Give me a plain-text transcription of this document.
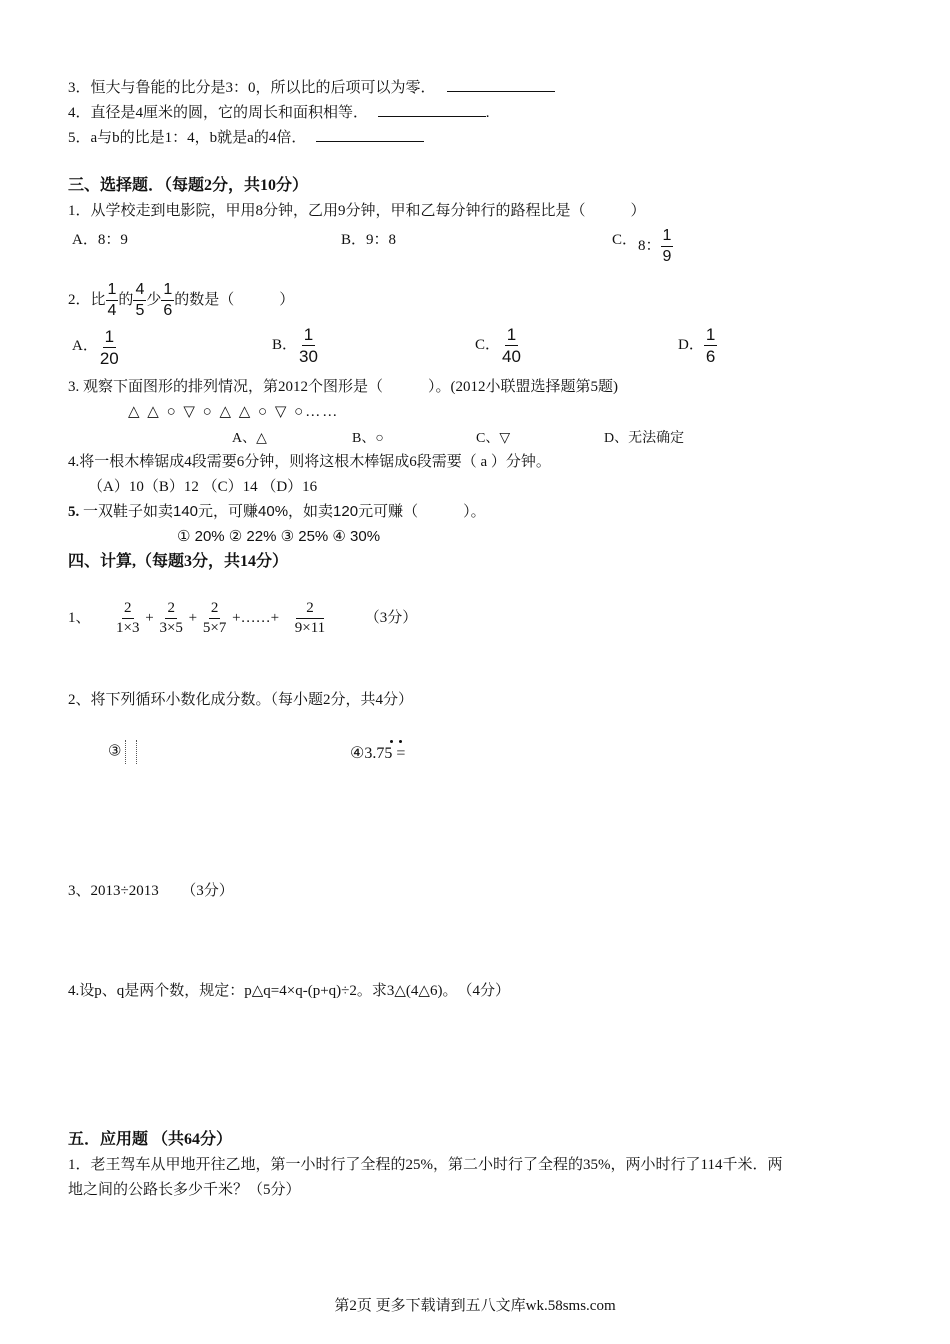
3．恒大与鲁能的比分是3：0，所以比的后项可以为零．
4．直径是4厘米的圆，它的周长和面积相等．	.
5．a与b的比是1：4，b就是a的4倍．
三、选择题．（每题2分，共10分）
1．从学校走到电影院，甲用8分钟，乙用9分钟，甲和乙每分钟行的路程比是（　　　）
A．8：9	B．9：8	C． 8： $\frac{1}{9}$
2．比 $\frac{1}{4}$ 的 $\frac{4}{5}$ 少 $\frac{1}{6}$ 的数是（　　　）
A． $\frac{1}{20}$	B． $\frac{1}{30}$	C． $\frac{1}{40}$	D． $\frac{1}{6}$
3. 观察下面图形的排列情况，第2012个图形是（　　　）。(2012小联盟选择题第5题)
△ △ ○ ▽ ○ △ △ ○ ▽ ○……
A、△	B、○	C、▽	D、无法确定
4.将一根木棒锯成4段需要6分钟，则将这根木棒锯成6段需要（ a ）分钟。
（A）10（B）12 （C）14 （D）16
5. 一双鞋子如卖140元，可赚40%，如卖120元可赚（　　　）。
① 20% ② 22% ③ 25% ④ 30%
四、计算,（每题3分，共14分）
1、 $\frac{2}{1\times 3} + \frac{2}{3\times 5} + \frac{2}{5\times 7}$ +……+ $\frac{2}{9\times 11}$	（3分）
2、将下列循环小数化成分数。（每小题2分，共4分）
③	④3.75 =
3、2013÷2013　　（3分）
4.设p、q是两个数，规定：p△q=4×q-(p+q)÷2。求3△(4△6)。　（4分）
五．应用题 （共64分）
1．老王驾车从甲地开往乙地，第一小时行了全程的25%，第二小时行了全程的35%，两小时行了114千米．两
地之间的公路长多少千米？（5分）
第2页 更多下载请到五八文库wk.58sms.com
